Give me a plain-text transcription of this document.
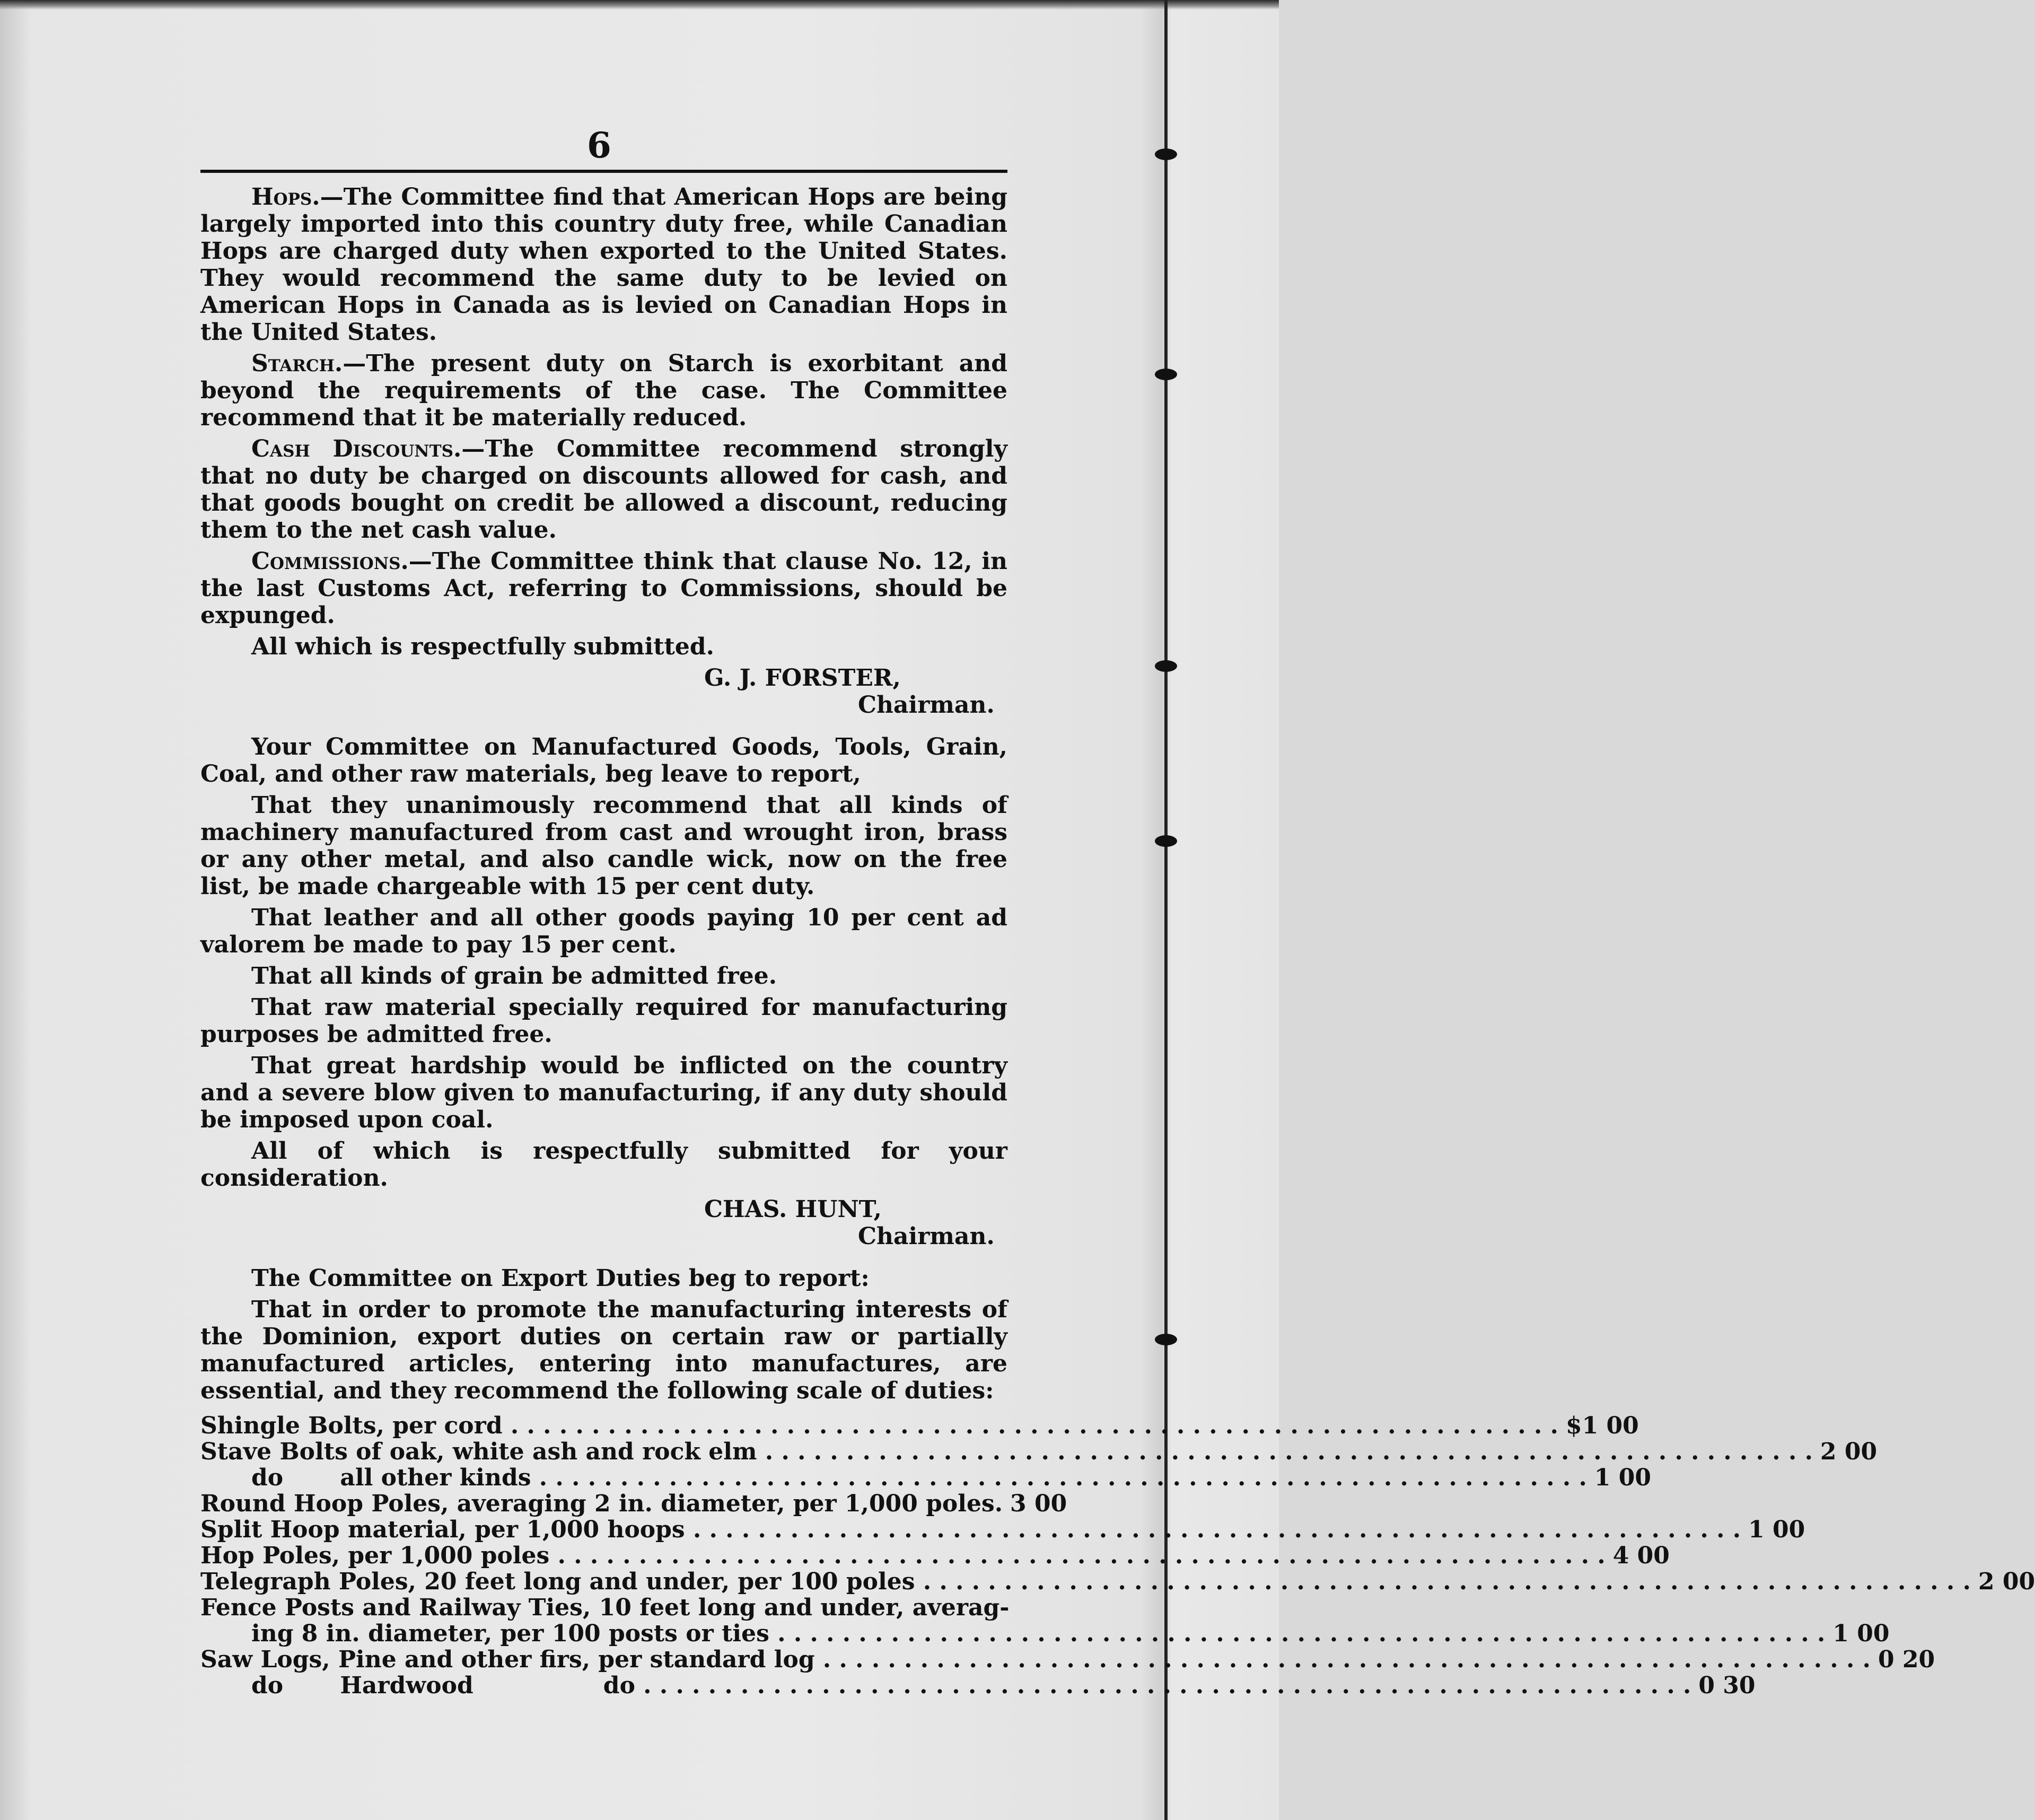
6

Hops.—The Committee find that American Hops are being largely imported into this country duty free, while Canadian Hops are charged duty when exported to the United States. They would recommend the same duty to be levied on American Hops in Canada as is levied on Canadian Hops in the United States.

Starch.—The present duty on Starch is exorbitant and beyond the requirements of the case. The Committee recommend that it be materially reduced.

Cash Discounts.—The Committee recommend strongly that no duty be charged on discounts allowed for cash, and that goods bought on credit be allowed a discount, reducing them to the net cash value.

Commissions.—The Committee think that clause No. 12, in the last Customs Act, referring to Commissions, should be expunged.

All which is respectfully submitted.

G. J. FORSTER,

Chairman.

Your Committee on Manufactured Goods, Tools, Grain, Coal, and other raw materials, beg leave to report,

That they unanimously recommend that all kinds of machinery manufactured from cast and wrought iron, brass or any other metal, and also candle wick, now on the free list, be made chargeable with 15 per cent duty.

That leather and all other goods paying 10 per cent ad valorem be made to pay 15 per cent.

That all kinds of grain be admitted free.

That raw material specially required for manufacturing purposes be admitted free.

That great hardship would be inflicted on the country and a severe blow given to manufacturing, if any duty should be imposed upon coal.

All of which is respectfully submitted for your consideration.

CHAS. HUNT,

Chairman.

The Committee on Export Duties beg to report:

That in order to promote the manufacturing interests of the Dominion, export duties on certain raw or partially manufactured articles, entering into manufactures, are essential, and they recommend the following scale of duties:

Shingle Bolts, per cord . . .	$1 00
Stave Bolts of oak, white ash and rock elm . . .	2 00
do       all other kinds . . .	1 00
Round Hoop Poles, averaging 2 in. diameter, per 1,000 poles. 3 00
Split Hoop material, per 1,000 hoops . . .	1 00
Hop Poles, per 1,000 poles . . .	4 00
Telegraph Poles, 20 feet long and under, per 100 poles . . .	2 00
Fence Posts and Railway Ties, 10 feet long and under, averag-
ing 8 in. diameter, per 100 posts or ties . . .	1 00
Saw Logs, Pine and other firs, per standard log . . .	0 20
do       Hardwood                do . . .	0 30
